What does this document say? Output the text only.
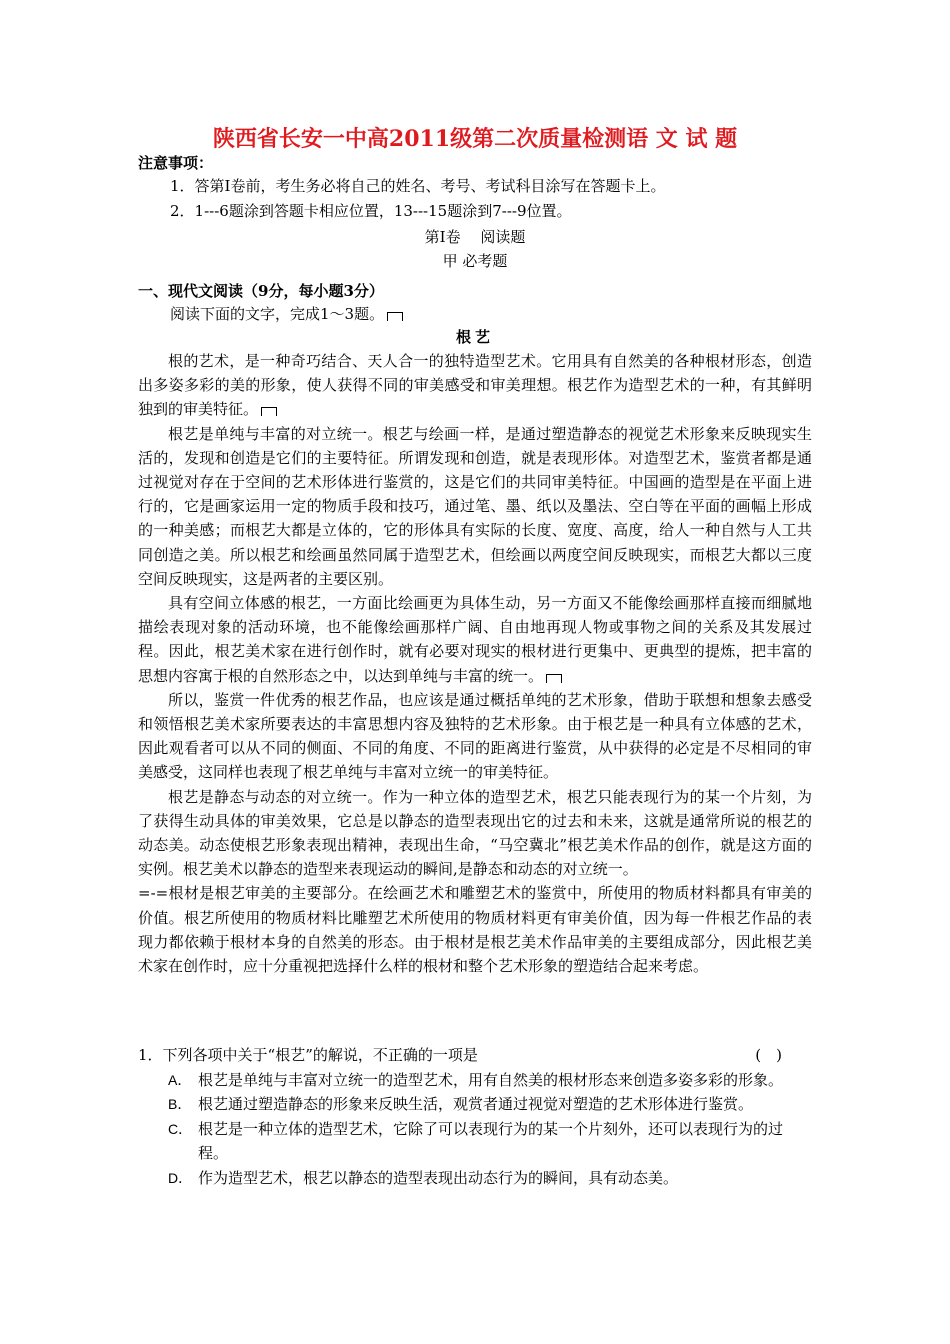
陕西省长安一中高2011级第二次质量检测语 文 试 题
注意事项：
1．答第Ⅰ卷前，考生务必将自己的姓名、考号、考试科目涂写在答题卡上。
2．1---6题涂到答题卡相应位置，13---15题涂到7---9位置。
第Ⅰ卷　 阅读题
甲 必考题
一、现代文阅读（9分，每小题3分）
阅读下面的文字，完成1～3题。
根艺

根的艺术，是一种奇巧结合、天人合一的独特造型艺术。它用具有自然美的各种根材形态，创造出多姿多彩的美的形象，使人获得不同的审美感受和审美理想。根艺作为造型艺术的一种，有其鲜明独到的审美特征。

根艺是单纯与丰富的对立统一。根艺与绘画一样，是通过塑造静态的视觉艺术形象来反映现实生活的，发现和创造是它们的主要特征。所谓发现和创造，就是表现形体。对造型艺术，鉴赏者都是通过视觉对存在于空间的艺术形体进行鉴赏的，这是它们的共同审美特征。中国画的造型是在平面上进行的，它是画家运用一定的物质手段和技巧，通过笔、墨、纸以及墨法、空白等在平面的画幅上形成的一种美感；而根艺大都是立体的，它的形体具有实际的长度、宽度、高度，给人一种自然与人工共同创造之美。所以根艺和绘画虽然同属于造型艺术，但绘画以两度空间反映现实，而根艺大都以三度空间反映现实，这是两者的主要区别。

具有空间立体感的根艺，一方面比绘画更为具体生动，另一方面又不能像绘画那样直接而细腻地描绘表现对象的活动环境，也不能像绘画那样广阔、自由地再现人物或事物之间的关系及其发展过程。因此，根艺美术家在进行创作时，就有必要对现实的根材进行更集中、更典型的提炼，把丰富的思想内容寓于根的自然形态之中，以达到单纯与丰富的统一。

所以，鉴赏一件优秀的根艺作品，也应该是通过概括单纯的艺术形象，借助于联想和想象去感受和领悟根艺美术家所要表达的丰富思想内容及独特的艺术形象。由于根艺是一种具有立体感的艺术，因此观看者可以从不同的侧面、不同的角度、不同的距离进行鉴赏，从中获得的必定是不尽相同的审美感受，这同样也表现了根艺单纯与丰富对立统一的审美特征。

根艺是静态与动态的对立统一。作为一种立体的造型艺术，根艺只能表现行为的某一个片刻，为了获得生动具体的审美效果，它总是以静态的造型表现出它的过去和未来，这就是通常所说的根艺的动态美。动态使根艺形象表现出精神，表现出生命，“马空冀北”根艺美术作品的创作，就是这方面的实例。根艺美术以静态的造型来表现运动的瞬间,是静态和动态的对立统一。

=-=根材是根艺审美的主要部分。在绘画艺术和雕塑艺术的鉴赏中，所使用的物质材料都具有审美的价值。根艺所使用的物质材料比雕塑艺术所使用的物质材料更有审美价值，因为每一件根艺作品的表现力都依赖于根材本身的自然美的形态。由于根材是根艺美术作品审美的主要组成部分，因此根艺美术家在创作时，应十分重视把选择什么样的根材和整个艺术形象的塑造结合起来考虑。

1．下列各项中关于“根艺”的解说，不正确的一项是	(　)
A． 根艺是单纯与丰富对立统一的造型艺术，用有自然美的根材形态来创造多姿多彩的形象。
B． 根艺通过塑造静态的形象来反映生活，观赏者通过视觉对塑造的艺术形体进行鉴赏。
C． 根艺是一种立体的造型艺术，它除了可以表现行为的某一个片刻外，还可以表现行为的过程。
D． 作为造型艺术，根艺以静态的造型表现出动态行为的瞬间，具有动态美。
